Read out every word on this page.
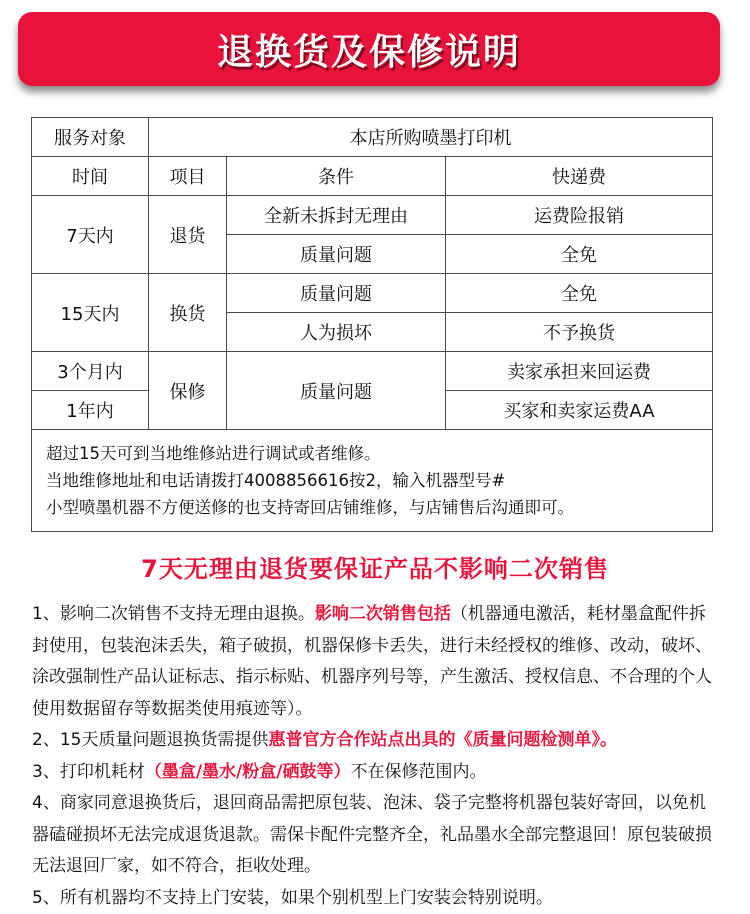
退换货及保修说明
服务对象	本店所购喷墨打印机		
时间	项目	条件	快递费
7天内	退货	全新未拆封无理由	运费险报销
		质量问题	全免
15天内	换货	质量问题	全免
		人为损坏	不予换货
3个月内	保修	质量问题	卖家承担来回运费
1年内			买家和卖家运费AA

超过15天可到当地维修站进行调试或者维修。
当地维修地址和电话请拨打4008856616按2，输入机器型号#
小型喷墨机器不方便送修的也支持寄回店铺维修，与店铺售后沟通即可。			
7天无理由退货要保证产品不影响二次销售

1、影响二次销售不支持无理由退换。影响二次销售包括（机器通电激活，耗材墨盒配件拆封使用，包装泡沫丢失，箱子破损，机器保修卡丢失，进行未经授权的维修、改动，破坏、涂改强制性产品认证标志、指示标贴、机器序列号等，产生激活、授权信息、不合理的个人使用数据留存等数据类使用痕迹等）。

2、15天质量问题退换货需提供惠普官方合作站点出具的《质量问题检测单》。

3、打印机耗材（墨盒/墨水/粉盒/硒鼓等）不在保修范围内。

4、商家同意退换货后，退回商品需把原包装、泡沫、袋子完整将机器包装好寄回，以免机器磕碰损坏无法完成退货退款。需保卡配件完整齐全，礼品墨水全部完整退回！原包装破损无法退回厂家，如不符合，拒收处理。

5、所有机器均不支持上门安装，如果个别机型上门安装会特别说明。
